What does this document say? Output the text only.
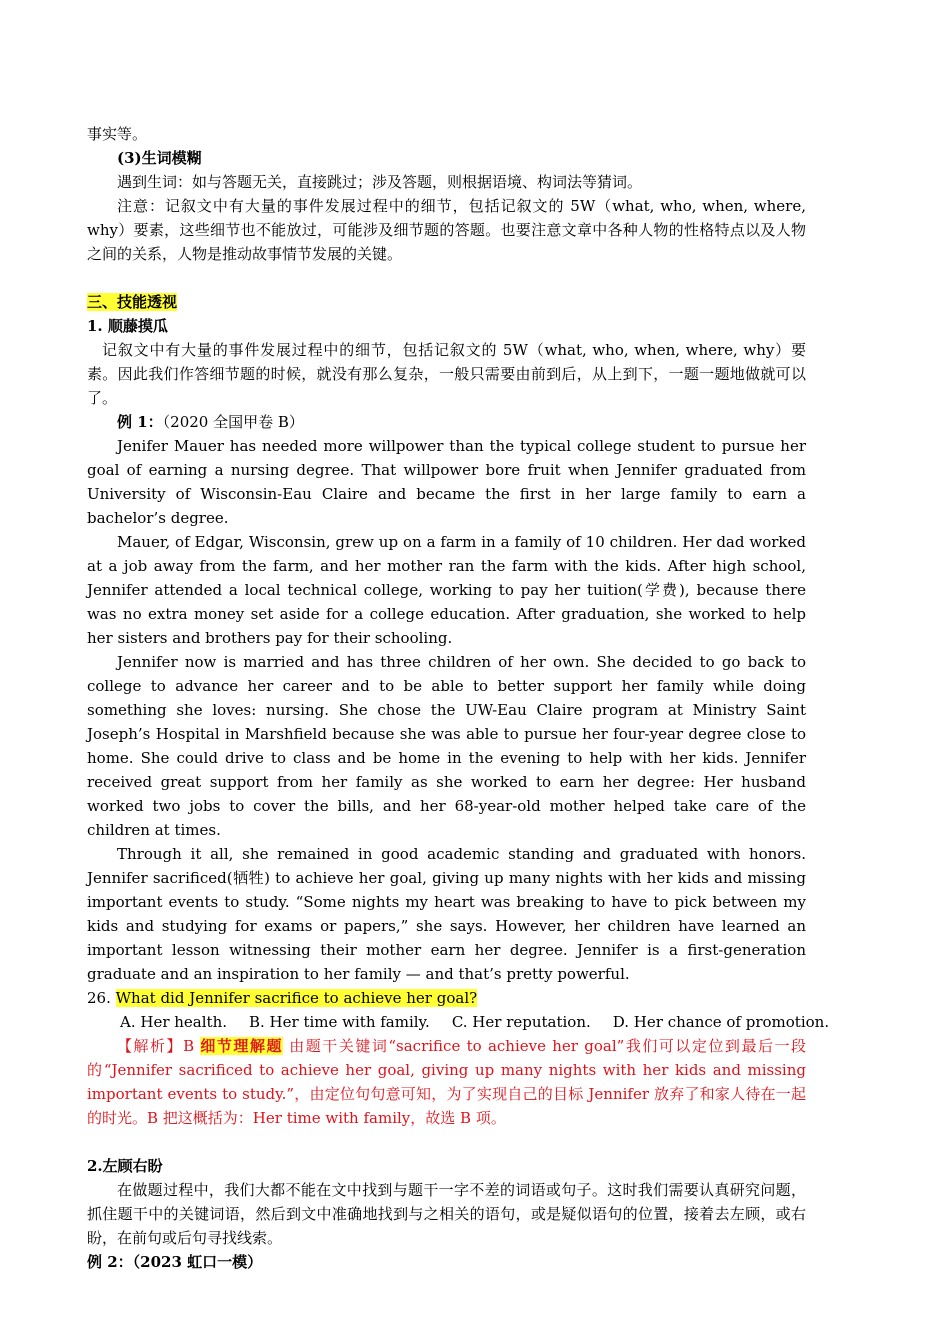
事实等。

(3)生词模糊

遇到生词：如与答题无关，直接跳过；涉及答题，则根据语境、构词法等猜词。

注意：记叙文中有大量的事件发展过程中的细节，包括记叙文的 5W（what, who, when, where, why）要素，这些细节也不能放过，可能涉及细节题的答题。也要注意文章中各种人物的性格特点以及人物之间的关系，人物是推动故事情节发展的关键。

三、技能透视

1. 顺藤摸瓜

记叙文中有大量的事件发展过程中的细节，包括记叙文的 5W（what, who, when, where, why）要素。因此我们作答细节题的时候，就没有那么复杂，一般只需要由前到后，从上到下，一题一题地做就可以了。

例 1：（2020 全国甲卷 B）

Jenifer Mauer has needed more willpower than the typical college student to pursue her goal of earning a nursing degree. That willpower bore fruit when Jennifer graduated from University of Wisconsin-Eau Claire and became the first in her large family to earn a bachelor’s degree.

Mauer, of Edgar, Wisconsin, grew up on a farm in a family of 10 children. Her dad worked at a job away from the farm, and her mother ran the farm with the kids. After high school, Jennifer attended a local technical college, working to pay her tuition(学费), because there was no extra money set aside for a college education. After graduation, she worked to help her sisters and brothers pay for their schooling.

Jennifer now is married and has three children of her own. She decided to go back to college to advance her career and to be able to better support her family while doing something she loves: nursing. She chose the UW-Eau Claire program at Ministry Saint Joseph’s Hospital in Marshfield because she was able to pursue her four-year degree close to home. She could drive to class and be home in the evening to help with her kids. Jennifer received great support from her family as she worked to earn her degree: Her husband worked two jobs to cover the bills, and her 68-year-old mother helped take care of the children at times.

Through it all, she remained in good academic standing and graduated with honors. Jennifer sacrificed(牺牲) to achieve her goal, giving up many nights with her kids and missing important events to study. “Some nights my heart was breaking to have to pick between my kids and studying for exams or papers,” she says. However, her children have learned an important lesson witnessing their mother earn her degree. Jennifer is a first-generation graduate and an inspiration to her family — and that’s pretty powerful.

26. What did Jennifer sacrifice to achieve her goal?

A. Her health. B. Her time with family. C. Her reputation. D. Her chance of promotion.

【解析】B 细节理解题 由题干关键词“sacrifice to achieve her goal”我们可以定位到最后一段的“Jennifer sacrificed to achieve her goal, giving up many nights with her kids and missing important events to study.”，由定位句句意可知，为了实现自己的目标 Jennifer 放弃了和家人待在一起的时光。B 把这概括为：Her time with family，故选 B 项。

2.左顾右盼

在做题过程中，我们大都不能在文中找到与题干一字不差的词语或句子。这时我们需要认真研究问题，抓住题干中的关键词语，然后到文中准确地找到与之相关的语句，或是疑似语句的位置，接着去左顾，或右盼，在前句或后句寻找线索。

例 2：（2023 虹口一模）
